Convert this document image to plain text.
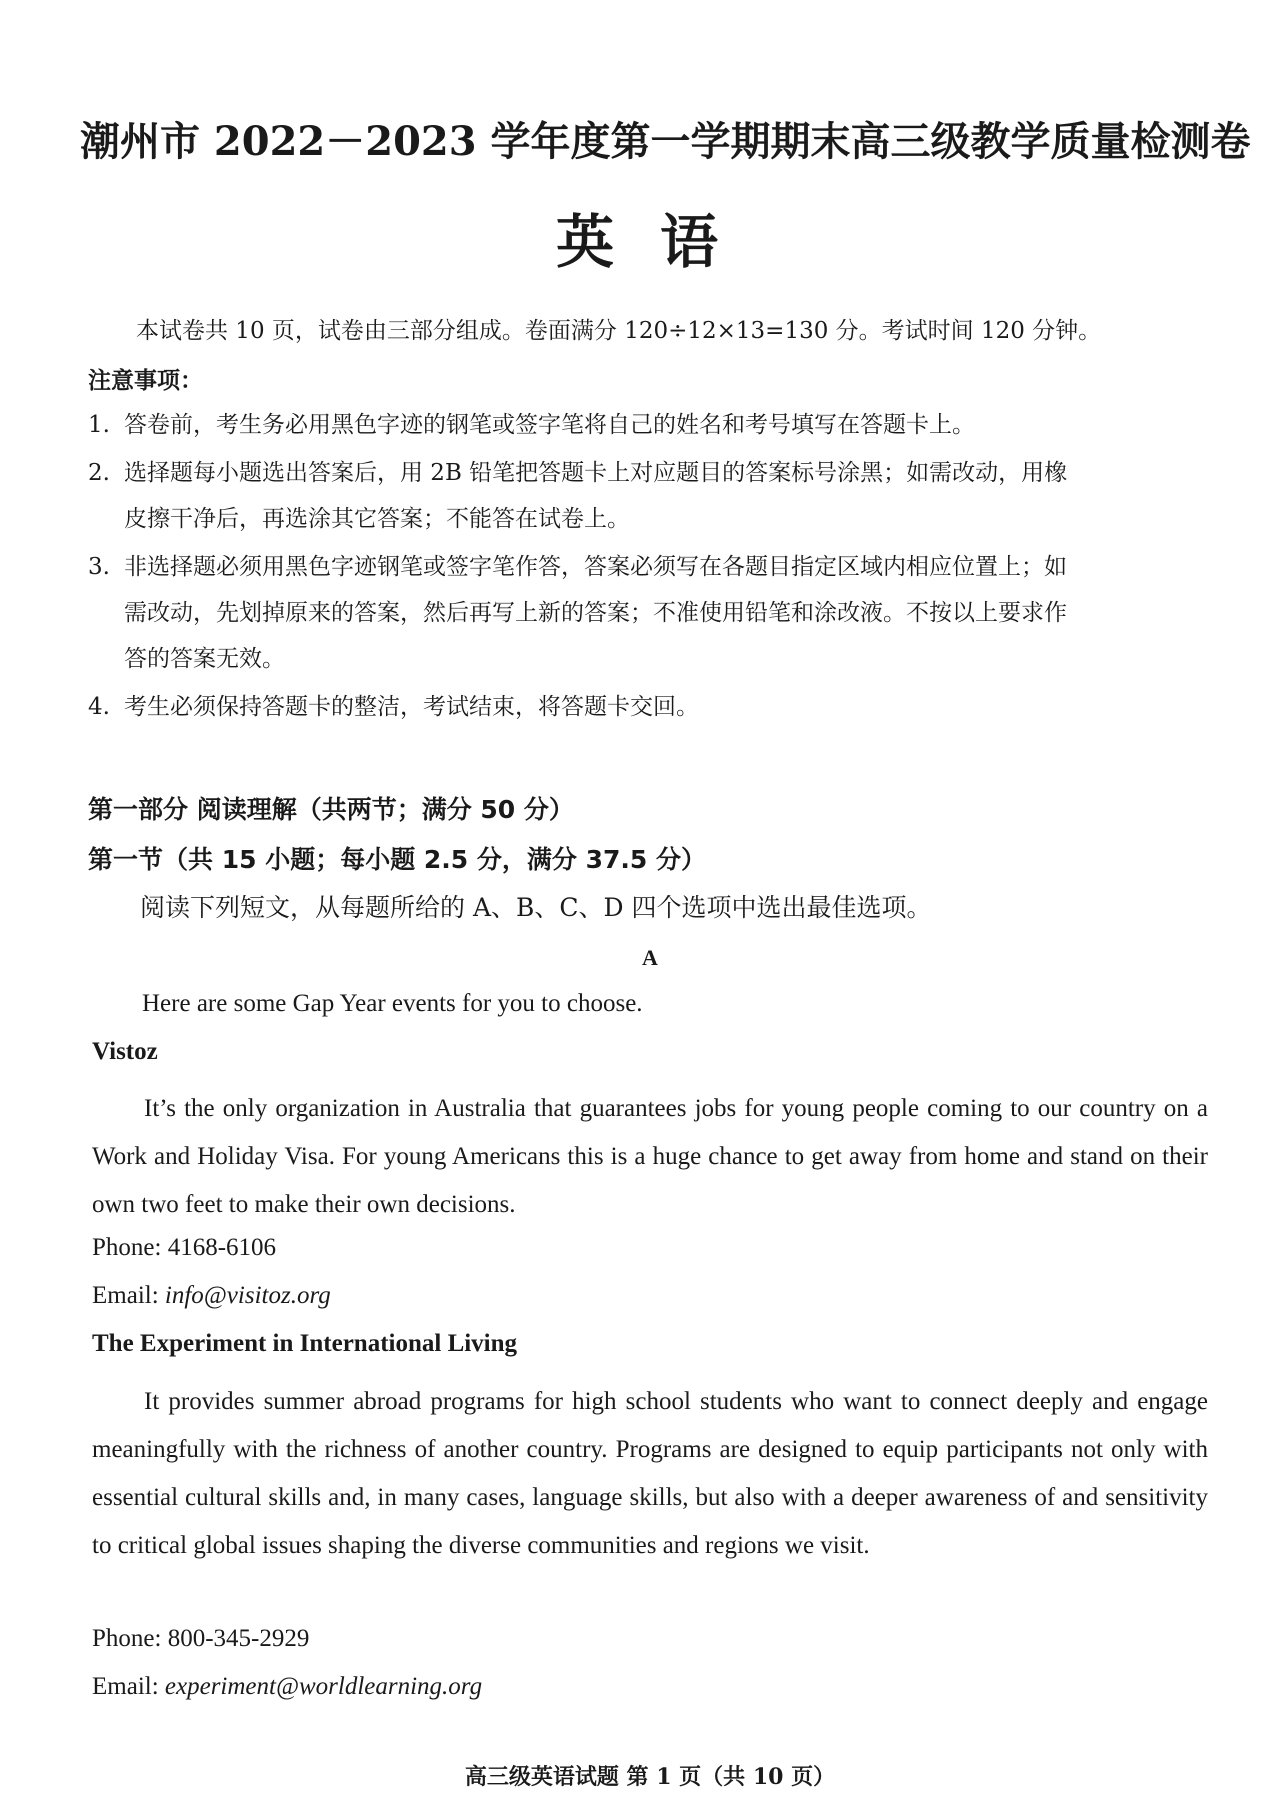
潮州市 2022－2023 学年度第一学期期末高三级教学质量检测卷
英语
本试卷共 10 页，试卷由三部分组成。卷面满分 120÷12×13=130 分。考试时间 120 分钟。
注意事项：
1. 答卷前，考生务必用黑色字迹的钢笔或签字笔将自己的姓名和考号填写在答题卡上。
2. 选择题每小题选出答案后，用 2B 铅笔把答题卡上对应题目的答案标号涂黑；如需改动，用橡
皮擦干净后，再选涂其它答案；不能答在试卷上。
3. 非选择题必须用黑色字迹钢笔或签字笔作答，答案必须写在各题目指定区域内相应位置上；如
需改动，先划掉原来的答案，然后再写上新的答案；不准使用铅笔和涂改液。不按以上要求作
答的答案无效。
4. 考生必须保持答题卡的整洁，考试结束，将答题卡交回。
第一部分 阅读理解（共两节；满分 50 分）
第一节（共 15 小题；每小题 2.5 分，满分 37.5 分）
阅读下列短文，从每题所给的 A、B、C、D 四个选项中选出最佳选项。
A
Here are some Gap Year events for you to choose.
Vistoz
It’s the only organization in Australia that guarantees jobs for young people coming to our country on a Work and Holiday Visa. For young Americans this is a huge chance to get away from home and stand on their own two feet to make their own decisions.
Phone: 4168-6106
Email: info@visitoz.org
The Experiment in International Living
It provides summer abroad programs for high school students who want to connect deeply and engage meaningfully with the richness of another country. Programs are designed to equip participants not only with essential cultural skills and, in many cases, language skills, but also with a deeper awareness of and sensitivity to critical global issues shaping the diverse communities and regions we visit.
Phone: 800-345-2929
Email: experiment@worldlearning.org
高三级英语试题 第 1 页（共 10 页）
